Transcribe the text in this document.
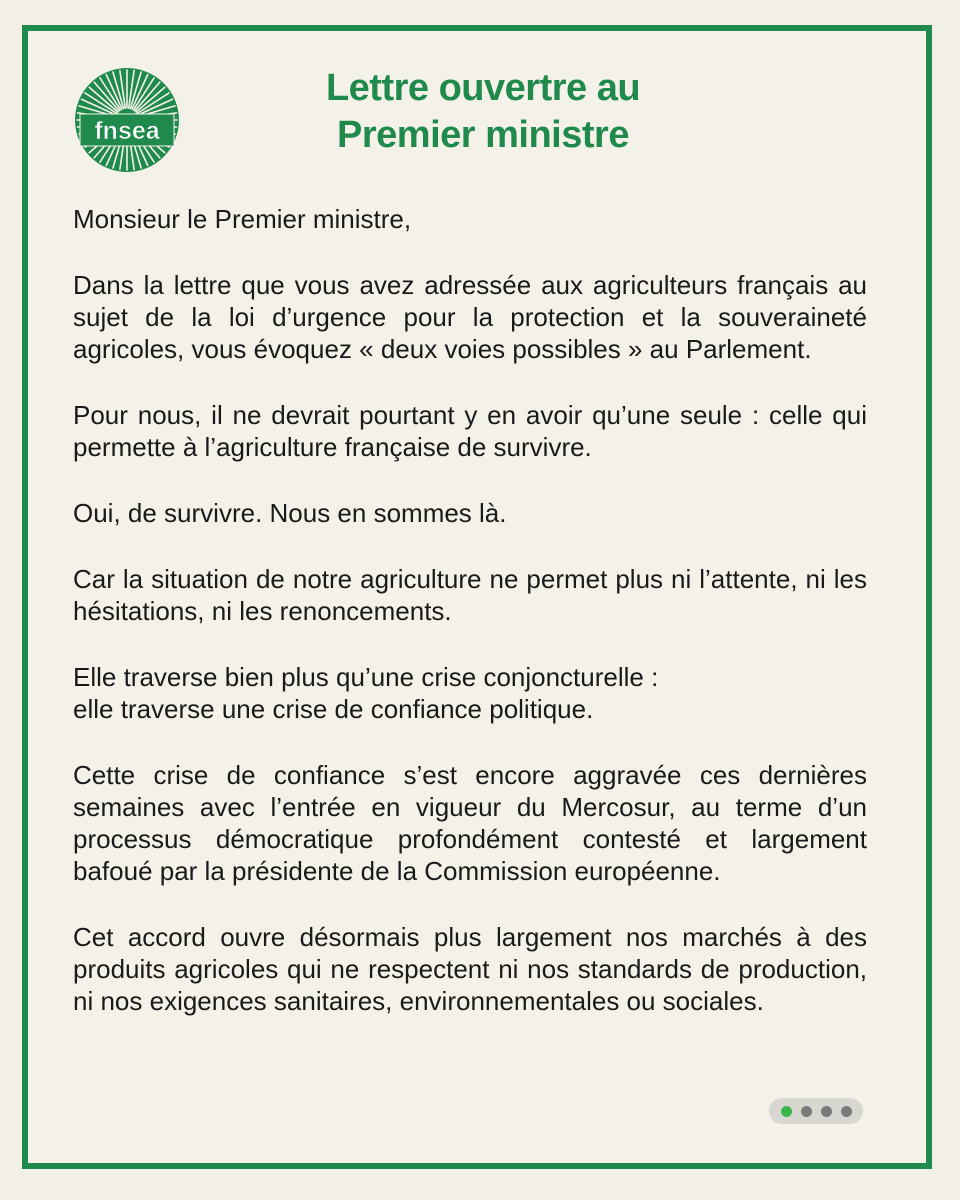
fnsea
Lettre ouvertre au
Premier ministre

Monsieur le Premier ministre,

Dans la lettre que vous avez adressée aux agriculteurs français au sujet de la loi d’urgence pour la protection et la souveraineté agricoles, vous évoquez « deux voies possibles » au Parlement.

Pour nous, il ne devrait pourtant y en avoir qu’une seule : celle qui permette à l’agriculture française de survivre.

Oui, de survivre. Nous en sommes là.

Car la situation de notre agriculture ne permet plus ni l’attente, ni les hésitations, ni les renoncements.

Elle traverse bien plus qu’une crise conjoncturelle :
elle traverse une crise de confiance politique.

Cette crise de confiance s’est encore aggravée ces dernières semaines avec l’entrée en vigueur du Mercosur, au terme d’un processus démocratique profondément contesté et largement bafoué par la présidente de la Commission européenne.

Cet accord ouvre désormais plus largement nos marchés à des produits agricoles qui ne respectent ni nos standards de production, ni nos exigences sanitaires, environnementales ou sociales.
